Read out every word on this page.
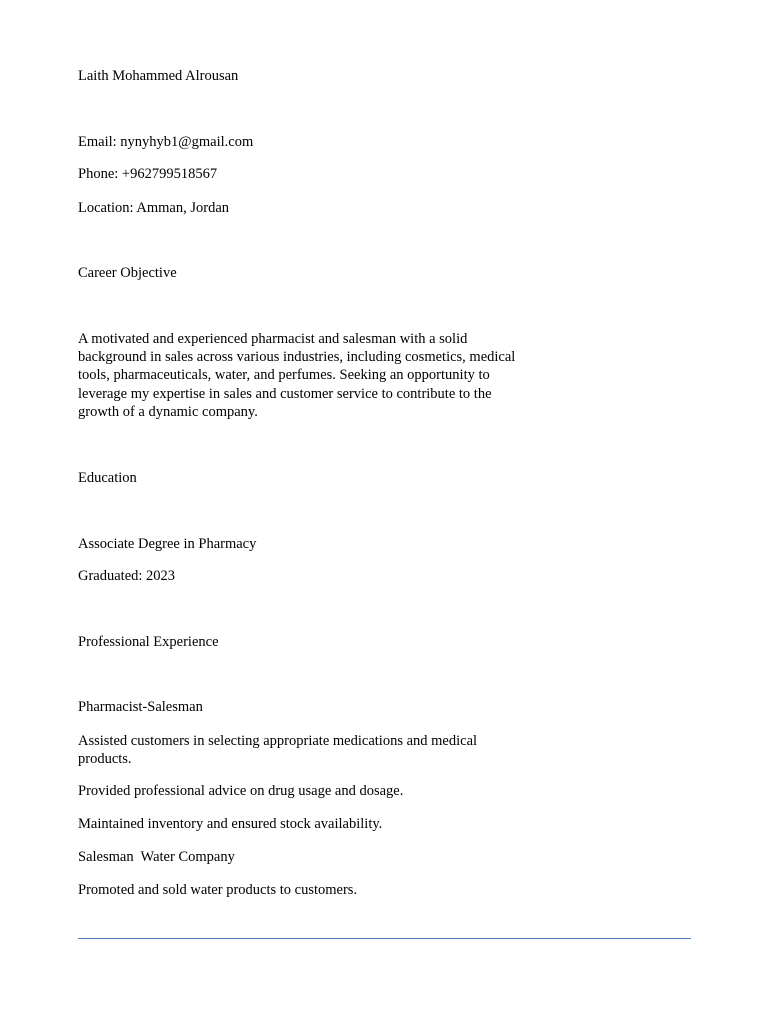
Laith Mohammed Alrousan
Email: nynyhyb1@gmail.com
Phone: +962799518567
Location: Amman, Jordan
Career Objective
A motivated and experienced pharmacist and salesman with a solid background in sales across various industries, including cosmetics, medical tools, pharmaceuticals, water, and perfumes. Seeking an opportunity to leverage my expertise in sales and customer service to contribute to the growth of a dynamic company.
Education
Associate Degree in Pharmacy
Graduated: 2023
Professional Experience
Pharmacist-Salesman
Assisted customers in selecting appropriate medications and medical products.
Provided professional advice on drug usage and dosage.
Maintained inventory and ensured stock availability.
Salesman  Water Company
Promoted and sold water products to customers.
